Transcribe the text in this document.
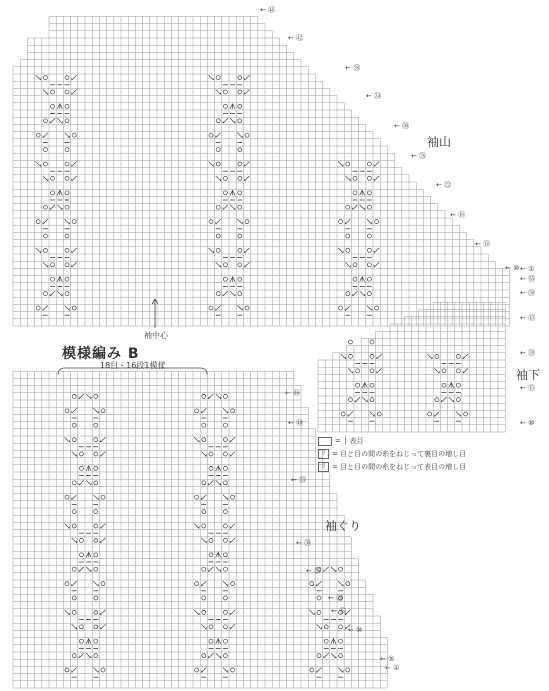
← ㊻
← ㊷
← ㊳
← ㉞
← ㉚
← ㉖
← ㉒
← ⑱
← ⑭
← ⑩ ← ①
← ㉟
← ㉚
← ⑬
← ⑳
← ⑮
← ⑩
← ㊻
← ㊵
← ㉟
← ㉚
← ㉕
← ⑳
← ⑮
← ⑩
← ⑤
← ①
袖山
袖下
袖中心
模様編み B
18目・16段1模様
袖ぐり
= │ 表目
ﾘ	= 目と目の間の糸をねじって裏目の増し目
ﾘ	= 目と目の間の糸をねじって表目の増し目
